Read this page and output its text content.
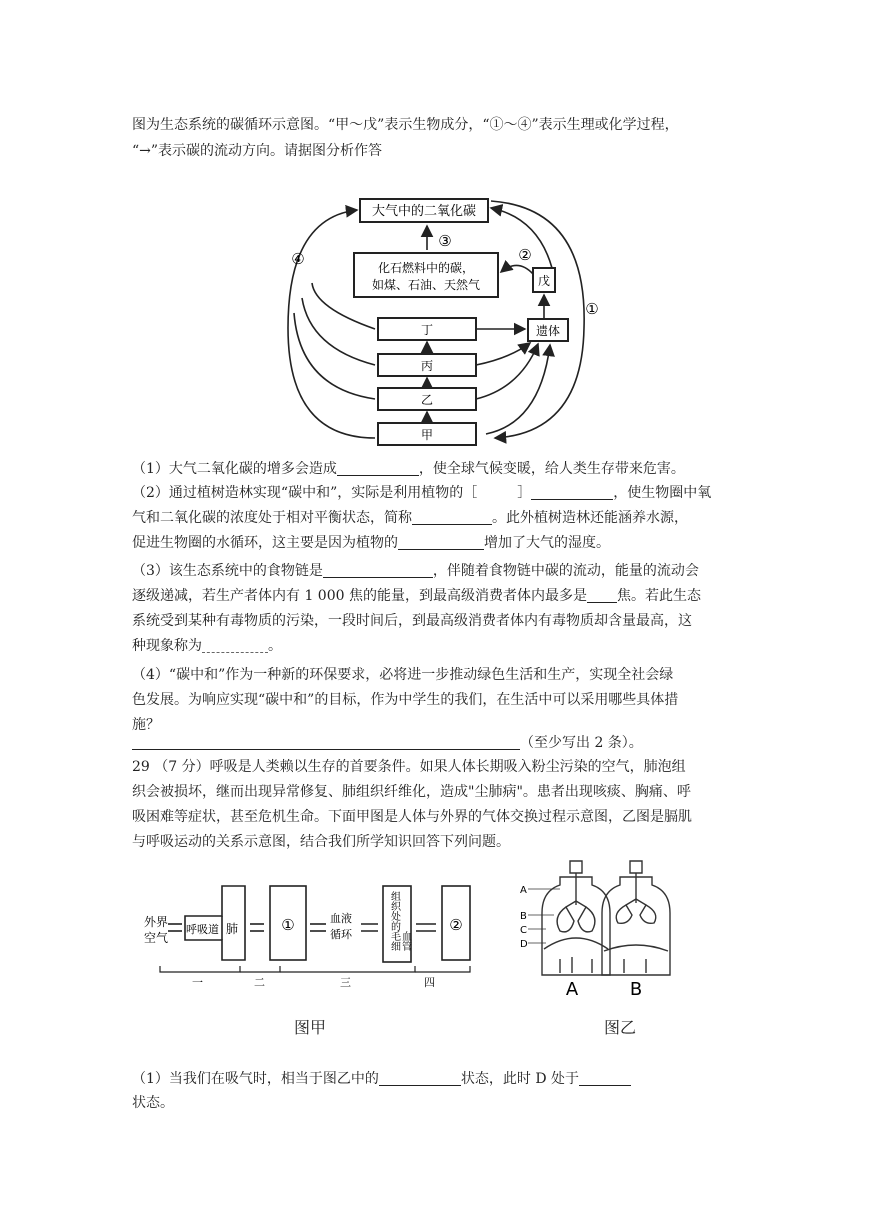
图为生态系统的碳循环示意图。“甲～戊”表示生物成分，“①～④”表示生理或化学过程，

“→”表示碳的流动方向。请据图分析作答

大气中的二氧化碳
化石燃料中的碳，
如煤、石油、天然气	戊
遗体
丁
丙
乙
甲
①
②
③
④

（1）大气二氧化碳的增多会造成	，使全球气候变暖，给人类生存带来危害。

（2）通过植树造林实现“碳中和”，实际是利用植物的［	］	，使生物圈中氧

气和二氧化碳的浓度处于相对平衡状态，简称	。此外植树造林还能涵养水源，

促进生物圈的水循环，这主要是因为植物的	增加了大气的湿度。

（3）该生态系统中的食物链是	，伴随着食物链中碳的流动，能量的流动会

逐级递减，若生产者体内有 1 000 焦的能量，到最高级消费者体内最多是 焦。若此生态

系统受到某种有毒物质的污染，一段时间后，到最高级消费者体内有毒物质却含量最高，这

种现象称为	。

（4）“碳中和”作为一种新的环保要求，必将进一步推动绿色生活和生产，实现全社会绿

色发展。为响应实现“碳中和”的目标，作为中学生的我们，在生活中可以采用哪些具体措

施？

（至少写出 2 条）。

29 （7 分）呼吸是人类赖以生存的首要条件。如果人体长期吸入粉尘污染的空气，肺泡组

织会被损坏，继而出现异常修复、肺组织纤维化，造成"尘肺病"。患者出现咳痰、胸痛、呼

吸困难等症状，甚至危机生命。下面甲图是人体与外界的气体交换过程示意图，乙图是膈肌

与呼吸运动的关系示意图，结合我们所学知识回答下列问题。

外界
空气
呼吸道 肺	①	血液
循环
组
织
处
的
毛
细
血
管
②
一	二	三	四
图甲
A
B
C
D
A	B
图乙

（1）当我们在吸气时，相当于图乙中的	状态，此时 D 处于

状态。
